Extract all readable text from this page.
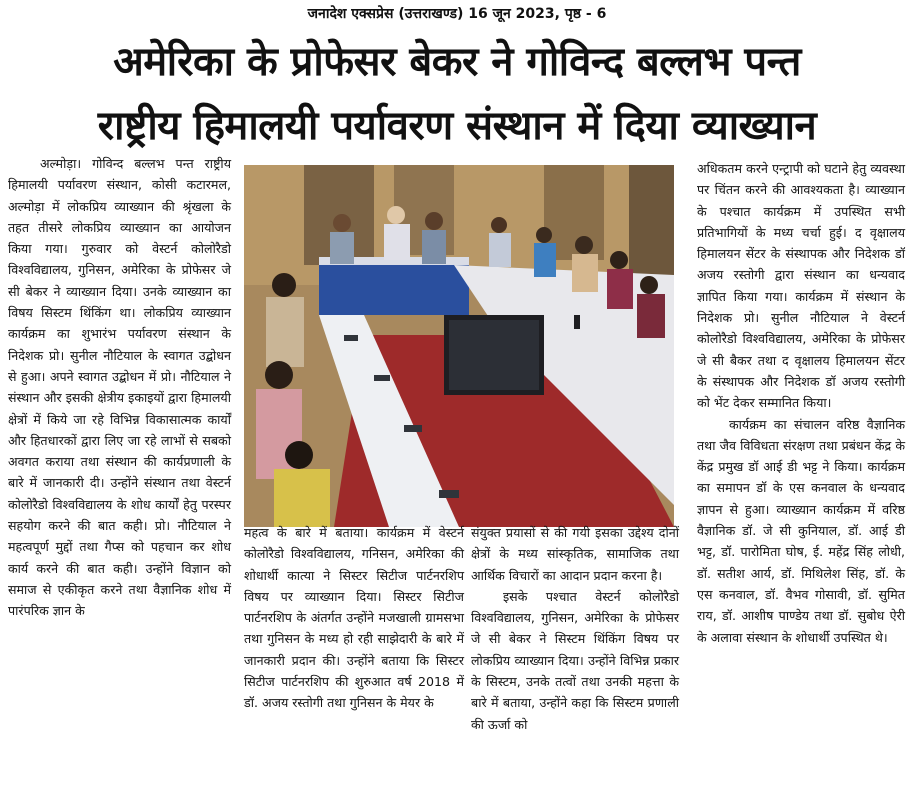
जनादेश एक्सप्रेस (उत्तराखण्ड) 16 जून 2023, पृष्ठ - 6
अमेरिका के प्रोफेसर बेकर ने गोविन्द बल्लभ पन्त
राष्ट्रीय हिमालयी पर्यावरण संस्थान में दिया व्याख्यान

अल्मोड़ा। गोविन्द बल्लभ पन्त राष्ट्रीय हिमालयी पर्यावरण संस्थान, कोसी कटारमल, अल्मोड़ा में लोकप्रिय व्याख्यान की श्रृंखला के तहत तीसरे लोकप्रिय व्याख्यान का आयोजन किया गया। गुरुवार को वेस्टर्न कोलोरैडो विश्वविद्यालय, गुनिसन, अमेरिका के प्रोफेसर जे सी बेकर ने व्याख्यान दिया। उनके व्याख्यान का विषय सिस्टम थिंकिंग था। लोकप्रिय व्याख्यान कार्यक्रम का शुभारंभ पर्यावरण संस्थान के निदेशक प्रो। सुनील नौटियाल के स्वागत उद्बोधन से हुआ। अपने स्वागत उद्बोधन में प्रो। नौटियाल ने संस्थान और इसकी क्षेत्रीय इकाइयों द्वारा हिमालयी क्षेत्रों में किये जा रहे विभिन्न विकासात्मक कार्यों और हितधारकों द्वारा लिए जा रहे लाभों से सबको अवगत कराया तथा संस्थान की कार्यप्रणाली के बारे में जानकारी दी। उन्होंने संस्थान तथा वेस्टर्न कोलोरैडो विश्वविद्यालय के शोध कार्यों हेतु परस्पर सहयोग करने की बात कही। प्रो। नौटियाल ने महत्वपूर्ण मुद्दों तथा गैप्स को पहचान कर शोध कार्य करने की बात कही। उन्होंने विज्ञान को समाज से एकीकृत करने तथा वैज्ञानिक शोध में पारंपरिक ज्ञान के

महत्व के बारे में बताया। कार्यक्रम में वेस्टर्न कोलोरैडो विश्वविद्यालय, गनिसन, अमेरिका की शोधार्थी कात्या ने सिस्टर सिटीज पार्टनरशिप विषय पर व्याख्यान दिया। सिस्टर सिटीज पार्टनरशिप के अंतर्गत उन्होंने मजखाली ग्रामसभा तथा गुनिसन के मध्य हो रही साझेदारी के बारे में जानकारी प्रदान की। उन्होंने बताया कि सिस्टर सिटीज पार्टनरशिप की शुरुआत वर्ष 2018 में डॉ. अजय रस्तोगी तथा गुनिसन के मेयर के

संयुक्त प्रयासों से की गयी इसका उद्देश्य दोनों क्षेत्रों के मध्य सांस्कृतिक, सामाजिक तथा आर्थिक विचारों का आदान प्रदान करना है।

इसके पश्चात वेस्टर्न कोलोरैडो विश्वविद्यालय, गुनिसन, अमेरिका के प्रोफेसर जे सी बेकर ने सिस्टम थिंकिंग विषय पर लोकप्रिय व्याख्यान दिया। उन्होंने विभिन्न प्रकार के सिस्टम, उनके तत्वों तथा उनकी महत्ता के बारे में बताया, उन्होंने कहा कि सिस्टम प्रणाली की ऊर्जा को

अधिकतम करने एन्ट्रापी को घटाने हेतु व्यवस्था पर चिंतन करने की आवश्यकता है। व्याख्यान के पश्चात कार्यक्रम में उपस्थित सभी प्रतिभागियों के मध्य चर्चा हुई। द वृक्षालय हिमालयन सेंटर के संस्थापक और निदेशक डॉ अजय रस्तोगी द्वारा संस्थान का धन्यवाद ज्ञापित किया गया। कार्यक्रम में संस्थान के निदेशक प्रो। सुनील नौटियाल ने वेस्टर्न कोलोरैडो विश्वविद्यालय, अमेरिका के प्रोफेसर जे सी बैकर तथा द वृक्षालय हिमालयन सेंटर के संस्थापक और निदेशक डॉ अजय रस्तोगी को भेंट देकर सम्मानित किया।

कार्यक्रम का संचालन वरिष्ठ वैज्ञानिक तथा जैव विविधता संरक्षण तथा प्रबंधन केंद्र के केंद्र प्रमुख डॉ आई डी भट्ट ने किया। कार्यक्रम का समापन डॉ के एस कनवाल के धन्यवाद ज्ञापन से हुआ। व्याख्यान कार्यक्रम में वरिष्ठ वैज्ञानिक डॉ. जे सी कुनियाल, डॉ. आई डी भट्ट, डॉ. पारोमिता घोष, ई. महेंद्र सिंह लोधी, डॉ. सतीश आर्य, डॉ. मिथिलेश सिंह, डॉ. के एस कनवाल, डॉ. वैभव गोसावी, डॉ. सुमित राय, डॉ. आशीष पाण्डेय तथा डॉ. सुबोध ऐरी के अलावा संस्थान के शोधार्थी उपस्थित थे।
